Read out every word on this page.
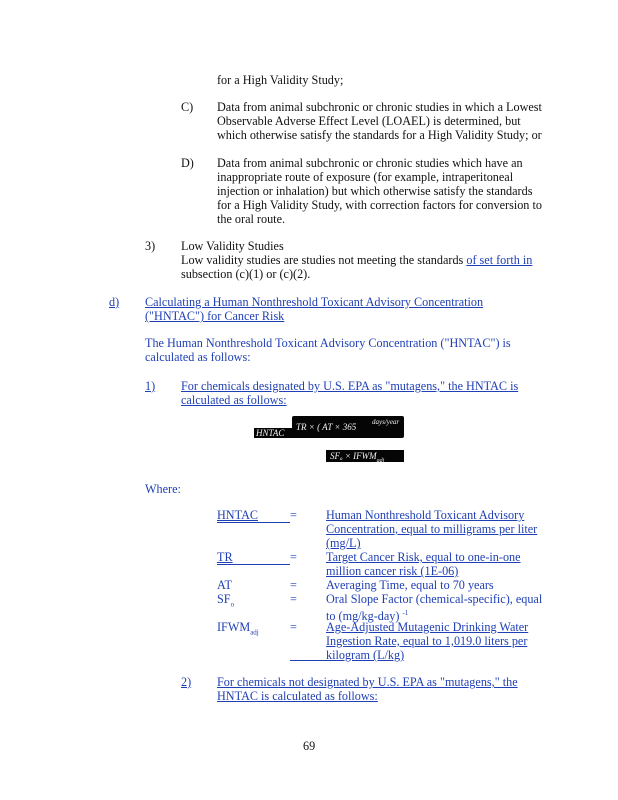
for a High Validity Study;

C) Data from animal subchronic or chronic studies in which a Lowest

Observable Adverse Effect Level (LOAEL) is determined, but

which otherwise satisfy the standards for a High Validity Study; or

D) Data from animal subchronic or chronic studies which have an

inappropriate route of exposure (for example, intraperitoneal

injection or inhalation) but which otherwise satisfy the standards

for a High Validity Study, with correction factors for conversion to

the oral route.

3) Low Validity Studies

Low validity studies are studies not meeting the standards of set forth in

subsection (c)(1) or (c)(2).

d) Calculating a Human Nonthreshold Toxicant Advisory Concentration

("HNTAC") for Cancer Risk

The Human Nonthreshold Toxicant Advisory Concentration ("HNTAC") is

calculated as follows:

1) For chemicals designated by U.S. EPA as "mutagens," the HNTAC is

calculated as follows:

HNTAC
TR × ( AT × 365 days/year
$SF_o \times IFWM_{adj}$

Where:

HNTAC	= Human Nonthreshold Toxicant Advisory

Concentration, equal to milligrams per liter

(mg/L)

TR	= Target Cancer Risk, equal to one-in-one

million cancer risk (1E-06)

AT	= Averaging Time, equal to 70 years

$SF_o$	= Oral Slope Factor (chemical-specific), equal

to (mg/kg-day) $^{-1}$

$IFWM_{adj}$	= Age-Adjusted Mutagenic Drinking Water

Ingestion Rate, equal to 1,019.0 liters per

kilogram (L/kg)

2) For chemicals not designated by U.S. EPA as "mutagens," the

HNTAC is calculated as follows:

69
